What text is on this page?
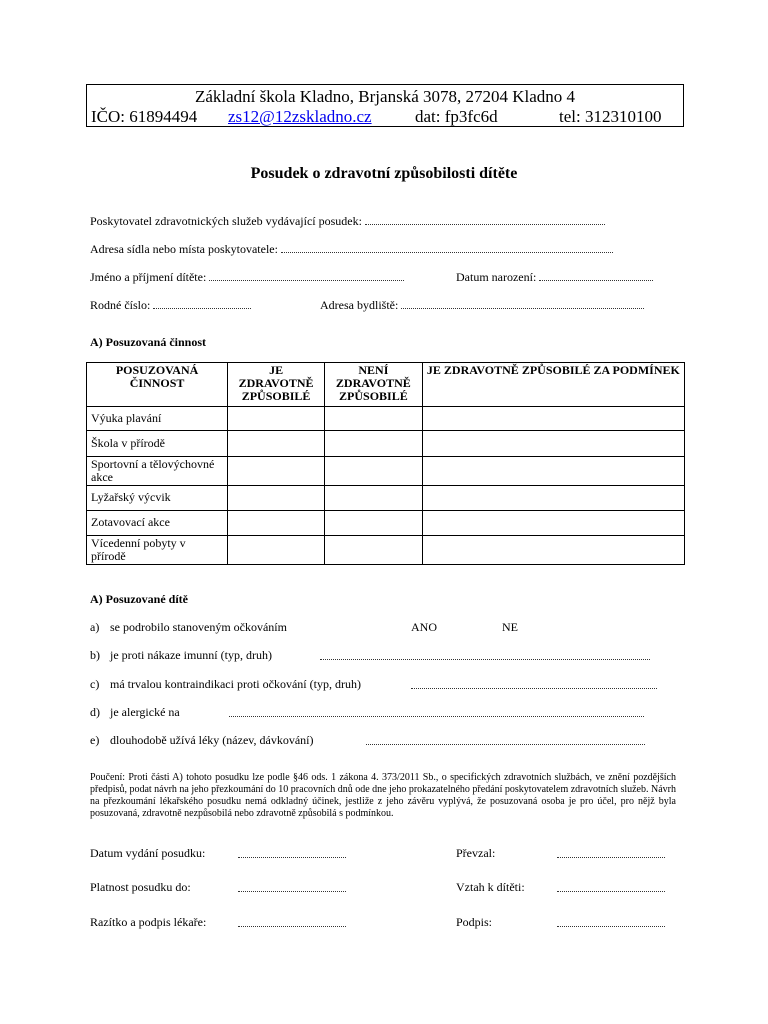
Základní škola Kladno, Brjanská 3078, 27204 Kladno 4
IČO: 61894494 zs12@12zskladno.cz	dat: fp3fc6d	tel: 312310100
Posudek o zdravotní způsobilosti dítěte
Poskytovatel zdravotnických služeb vydávající posudek:
Adresa sídla nebo místa poskytovatele:
Jméno a příjmení dítěte:	Datum narození:
Rodné číslo:	Adresa bydliště:
A) Posuzovaná činnost
POSUZOVANÁ ČINNOST	JE ZDRAVOTNĚ ZPŮSOBILÉ	NENÍ ZDRAVOTNĚ ZPŮSOBILÉ	JE ZDRAVOTNĚ ZPŮSOBILÉ ZA PODMÍNEK
Výuka plavání			
Škola v přírodě			
Sportovní a tělovýchovné akce			
Lyžařský výcvik			
Zotavovací akce			
Vícedenní pobyty v přírodě			
A) Posuzované dítě
a) se podrobilo stanoveným očkováním	ANO	NE
b) je proti nákaze imunní (typ, druh)
c) má trvalou kontraindikaci proti očkování (typ, druh)
d) je alergické na
e) dlouhodobě užívá léky (název, dávkování)
Poučení: Proti části A) tohoto posudku lze podle §46 ods. 1 zákona 4. 373/2011 Sb., o specifických zdravotních službách, ve znění pozdějších předpisů, podat návrh na jeho přezkoumání do 10 pracovních dnů ode dne jeho prokazatelného předání poskytovatelem zdravotních služeb. Návrh na přezkoumání lékařského posudku nemá odkladný účinek, jestliže z jeho závěru vyplývá, že posuzovaná osoba je pro účel, pro nějž byla posuzovaná, zdravotně nezpůsobilá nebo zdravotně způsobilá s podmínkou.
Datum vydání posudku:	Převzal:
Platnost posudku do:	Vztah k dítěti:
Razítko a podpis lékaře:	Podpis:
